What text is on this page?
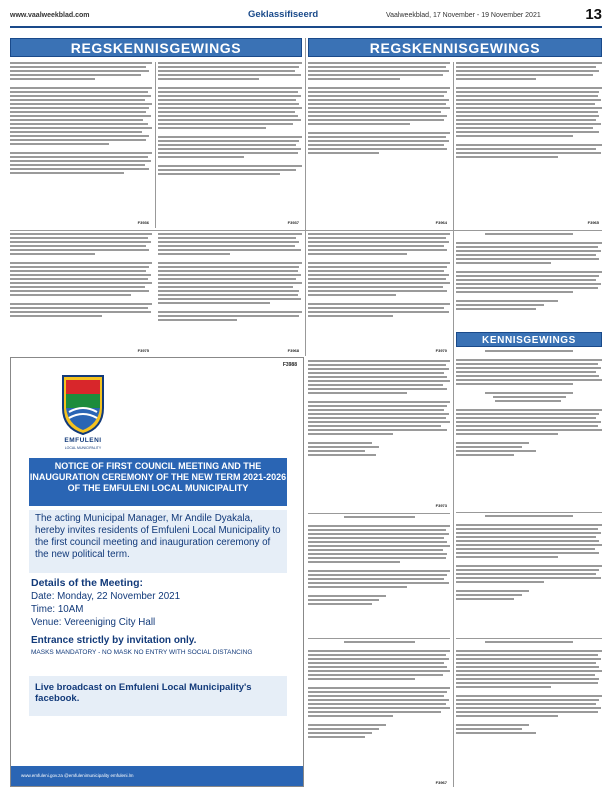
www.vaalweekblad.com	Geklassifiseerd	Vaalweekblad, 17 November - 19 November 2021	13
REGSKENNISGEWINGS	REGSKENNISGEWINGS
F3936	F3937	F3964	F3965
F3975	F3968	F3970
KENNISGEWINGS
F3988
EMFULENI
LOCAL MUNICIPALITY
NOTICE OF FIRST COUNCIL MEETING AND THE INAUGURATION CEREMONY OF THE NEW TERM 2021-2026 OF THE EMFULENI LOCAL MUNICIPALITY
The acting Municipal Manager, Mr Andile Dyakala, hereby invites residents of Emfuleni Local Municipality to the first council meeting and inauguration ceremony of the new political term.
Details of the Meeting:
Date: Monday, 22 November 2021
Time: 10AM
Venue: Vereeniging City Hall
Entrance strictly by invitation only.
MASKS MANDATORY - NO MASK NO ENTRY WITH SOCIAL DISTANCING
Live broadcast on Emfuleni Local Municipality's facebook.
www.emfuleni.gov.za @emfulenimunicipality emfuleni.lm
F3973
F3967
